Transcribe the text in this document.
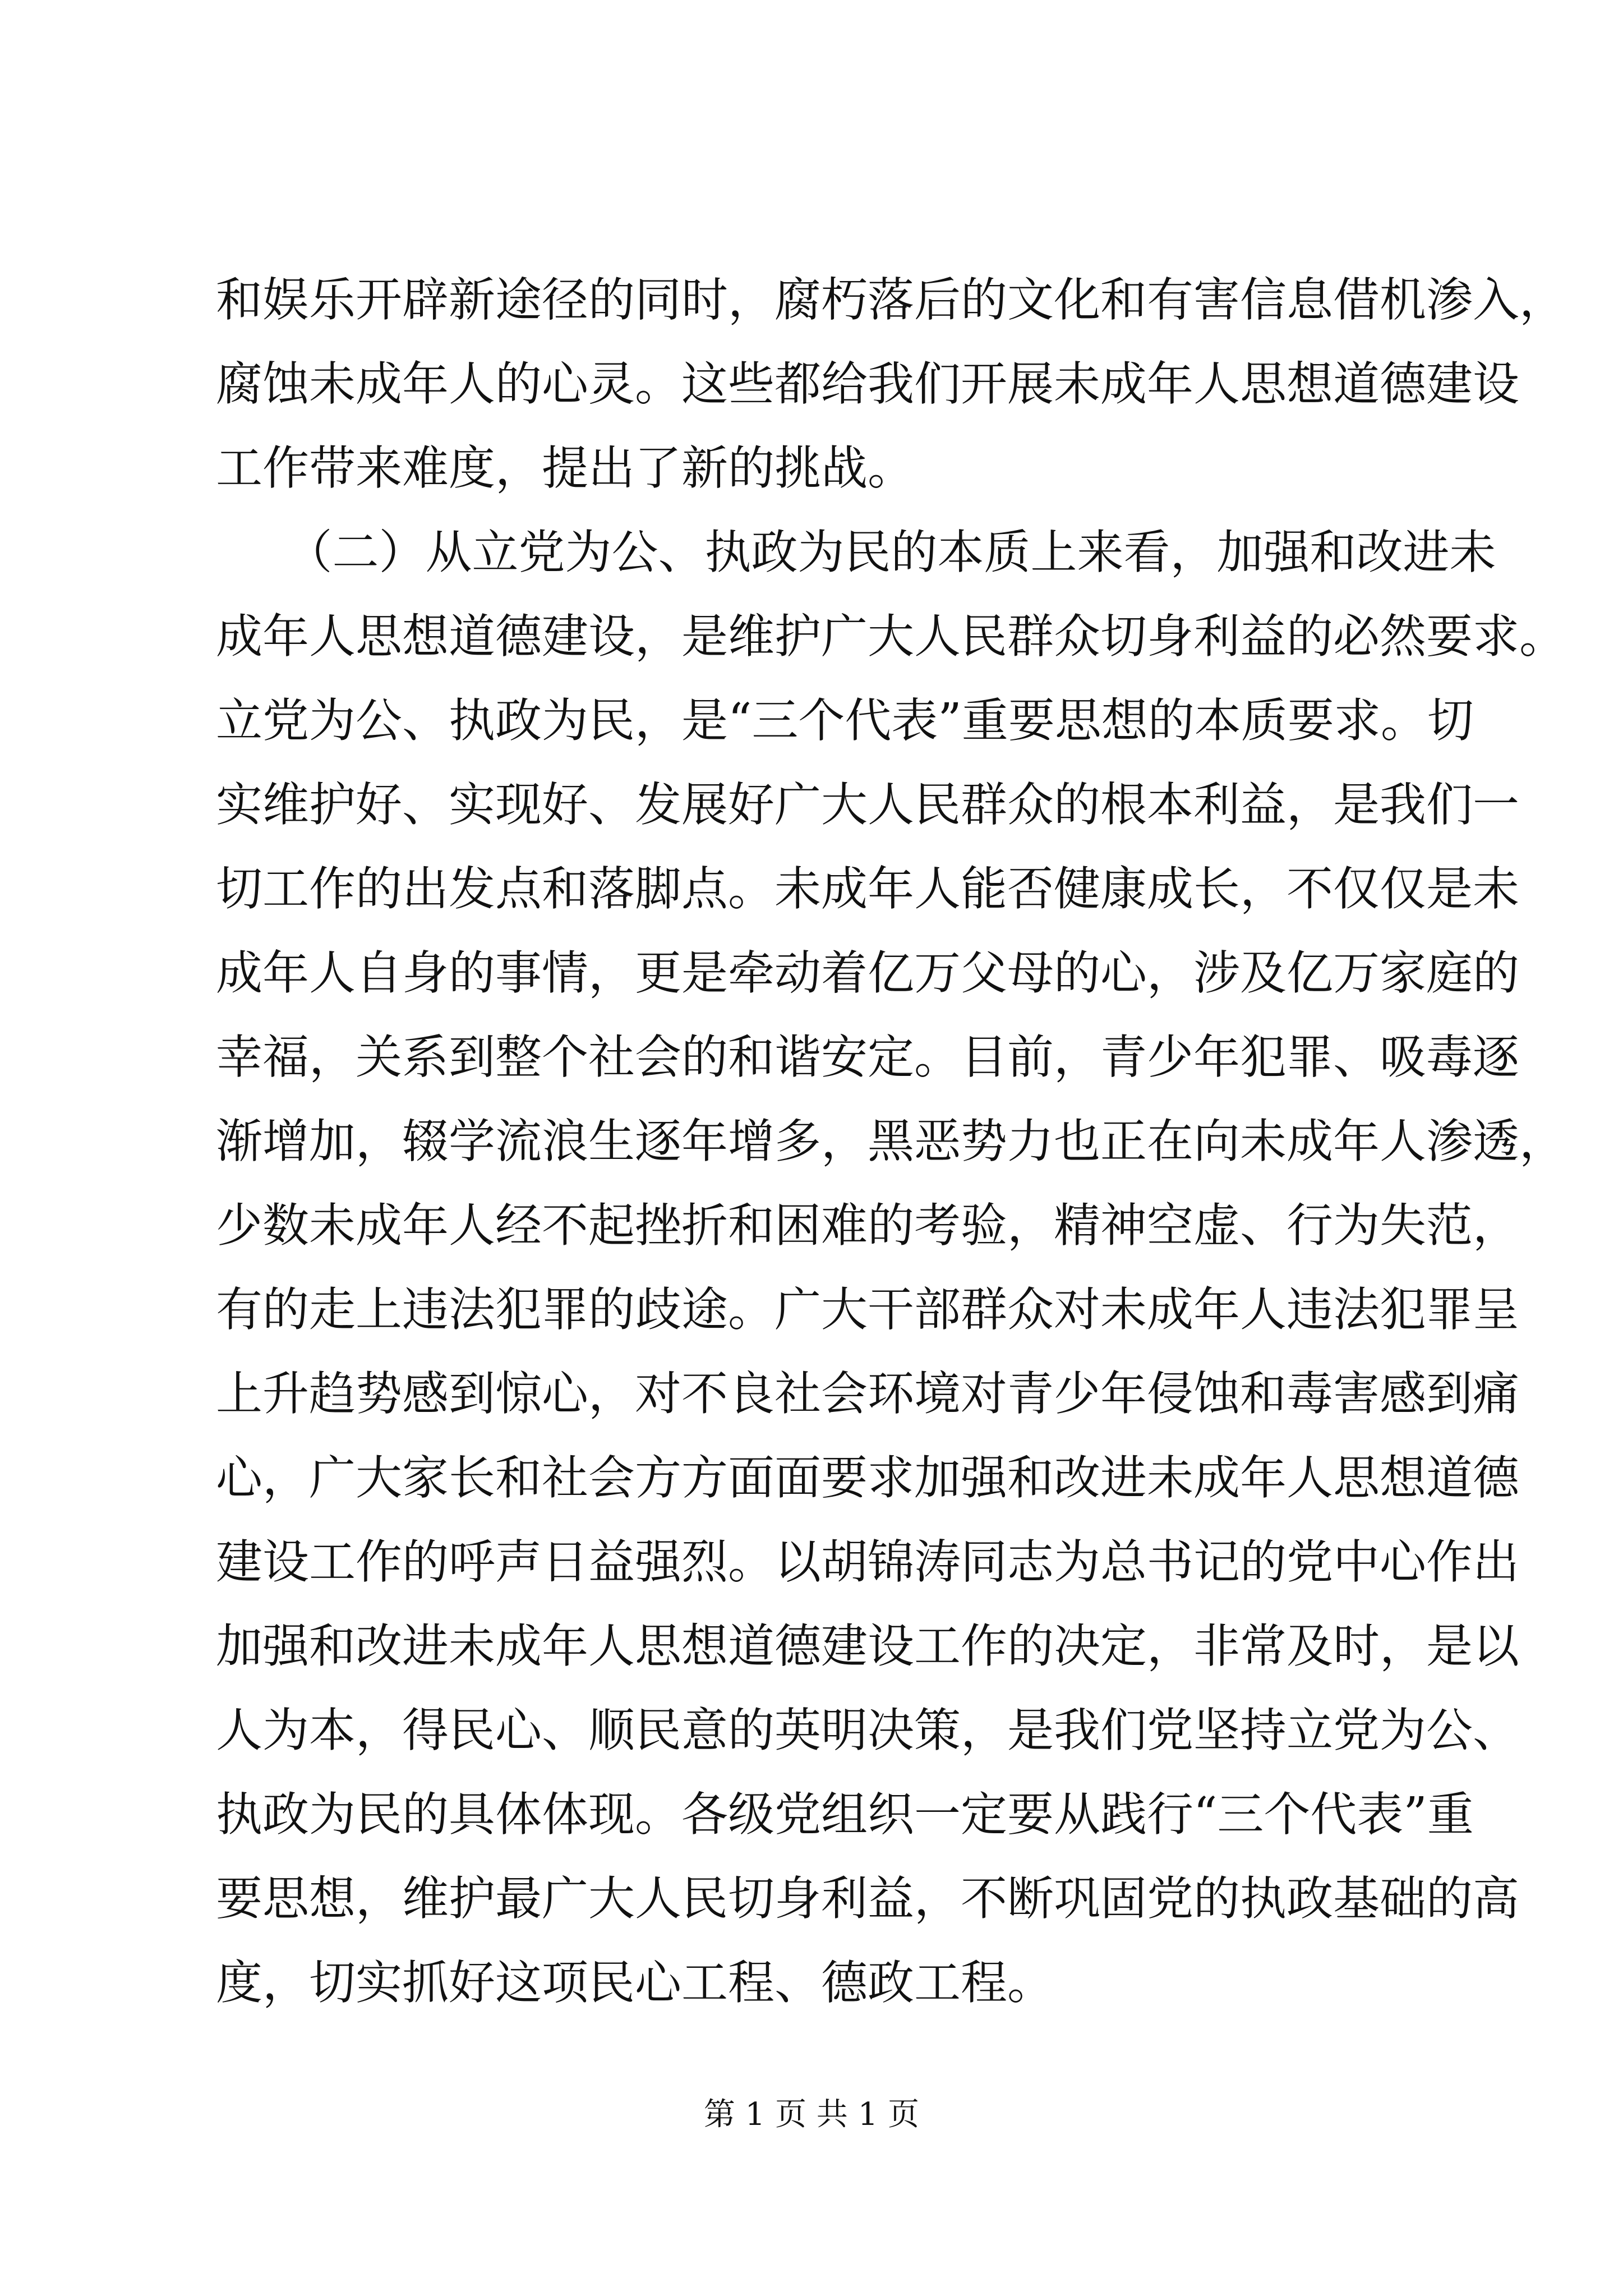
和娱乐开辟新途径的同时，腐朽落后的文化和有害信息借机渗入，
腐蚀未成年人的心灵。这些都给我们开展未成年人思想道德建设
工作带来难度，提出了新的挑战。
　　（二）从立党为公、执政为民的本质上来看，加强和改进未
成年人思想道德建设，是维护广大人民群众切身利益的必然要求。
立党为公、执政为民，是“三个代表”重要思想的本质要求。切
实维护好、实现好、发展好广大人民群众的根本利益，是我们一
切工作的出发点和落脚点。未成年人能否健康成长，不仅仅是未
成年人自身的事情，更是牵动着亿万父母的心，涉及亿万家庭的
幸福，关系到整个社会的和谐安定。目前，青少年犯罪、吸毒逐
渐增加，辍学流浪生逐年增多，黑恶势力也正在向未成年人渗透，
少数未成年人经不起挫折和困难的考验，精神空虚、行为失范，
有的走上违法犯罪的歧途。广大干部群众对未成年人违法犯罪呈
上升趋势感到惊心，对不良社会环境对青少年侵蚀和毒害感到痛
心，广大家长和社会方方面面要求加强和改进未成年人思想道德
建设工作的呼声日益强烈。以胡锦涛同志为总书记的党中心作出
加强和改进未成年人思想道德建设工作的决定，非常及时，是以
人为本，得民心、顺民意的英明决策，是我们党坚持立党为公、
执政为民的具体体现。各级党组织一定要从践行“三个代表”重
要思想，维护最广大人民切身利益，不断巩固党的执政基础的高
度，切实抓好这项民心工程、德政工程。
第 1 页 共 1 页
